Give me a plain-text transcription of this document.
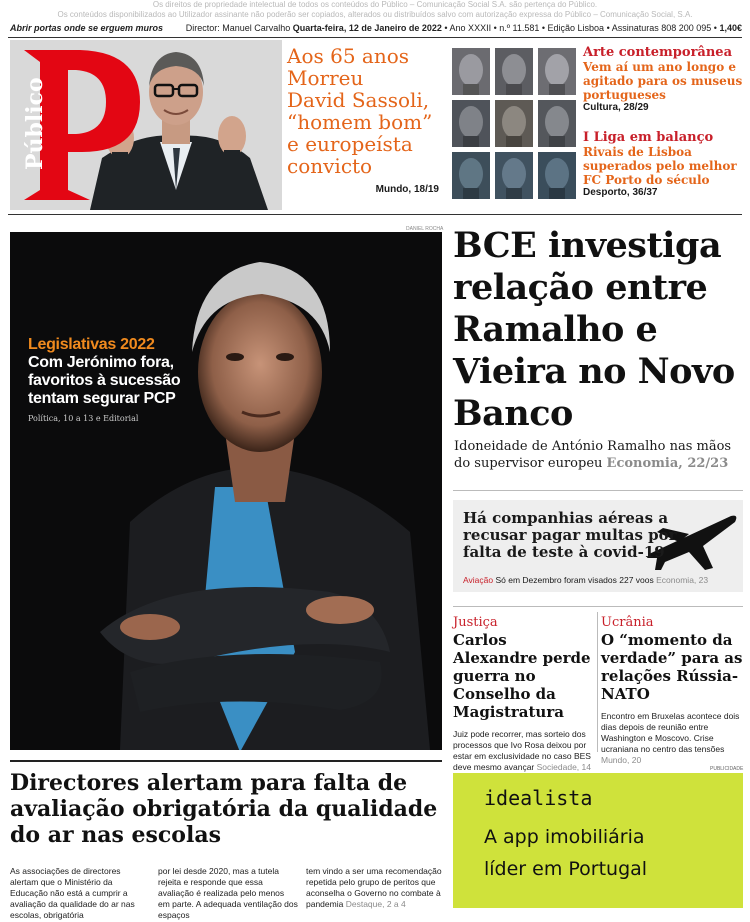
Os direitos de propriedade intelectual de todos os conteúdos do Público – Comunicação Social S.A. são pertença do Público.
Os conteúdos disponibilizados ao Utilizador assinante não poderão ser copiados, alterados ou distribuídos salvo com autorização expressa do Público – Comunicação Social, S.A.
Abrir portas onde se erguem muros	Director: Manuel Carvalho Quarta-feira, 12 de Janeiro de 2022 • Ano XXXII • n.º 11.581 • Edição Lisboa • Assinaturas 808 200 095 • 1,40€
Público
Aos 65 anos
Morreu
David Sassoli,
“homem bom”
e europeísta
convicto
Mundo, 18/19
Arte contemporânea
Vem aí um ano longo e agitado para os museus portugueses
Cultura, 28/29
I Liga em balanço
Rivais de Lisboa superados pelo melhor FC Porto do século
Desporto, 36/37
DANIEL ROCHA
Legislativas 2022
Com Jerónimo fora, favoritos à sucessão tentam segurar PCP
Política, 10 a 13 e Editorial
BCE investiga relação entre Ramalho e Vieira no Novo Banco
Idoneidade de António Ramalho nas mãos do supervisor europeu Economia, 22/23
Há companhias aéreas a recusar pagar multas por falta de teste à covid-19
Aviação Só em Dezembro foram visados 227 voos Economia, 23
Justiça
Carlos Alexandre perde guerra no Conselho da Magistratura
Juiz pode recorrer, mas sorteio dos processos que Ivo Rosa deixou por estar em exclusividade no caso BES deve mesmo avançar Sociedade, 14
Ucrânia
O “momento da verdade” para as relações Rússia-NATO
Encontro em Bruxelas acontece dois dias depois de reunião entre Washington e Moscovo. Crise ucraniana no centro das tensões Mundo, 20
Directores alertam para falta de avaliação obrigatória da qualidade do ar nas escolas
As associações de directores alertam que o Ministério da Educação não está a cumprir a avaliação da qualidade do ar nas escolas, obrigatória
por lei desde 2020, mas a tutela rejeita e responde que essa avaliação é realizada pelo menos em parte. A adequada ventilação dos espaços
tem vindo a ser uma recomendação repetida pelo grupo de peritos que aconselha o Governo no combate à pandemia Destaque, 2 a 4
PUBLICIDADE
idealista
A app imobiliária
líder em Portugal
